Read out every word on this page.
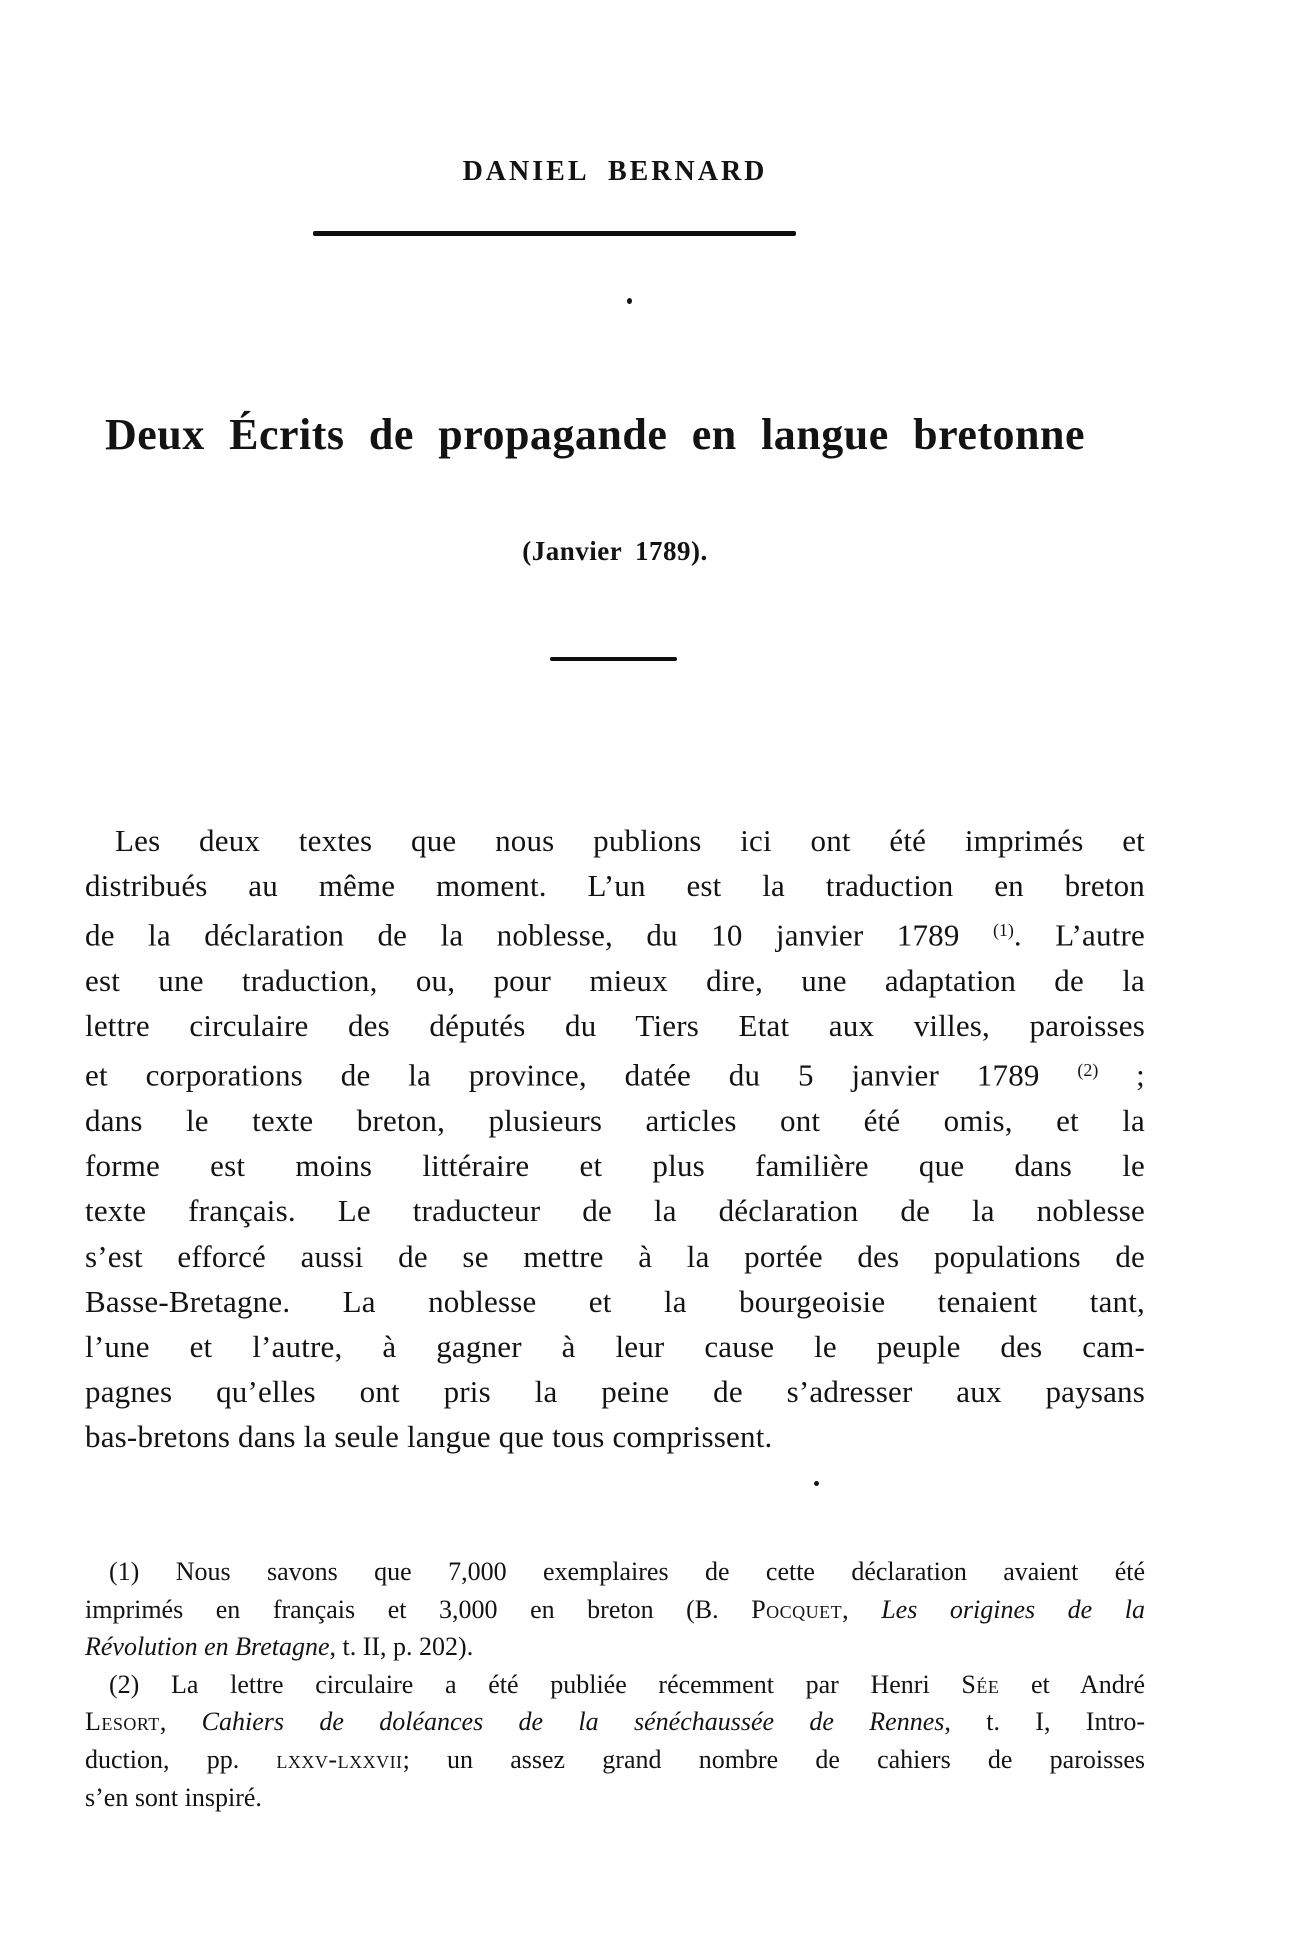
DANIEL BERNARD
Deux Écrits de propagande en langue bretonne
(Janvier 1789).
Les deux textes que nous publions ici ont été imprimés et
distribués au même moment. L’un est la traduction en breton
de la déclaration de la noblesse, du 10 janvier 1789 $^{(1)}$. L’autre
est une traduction, ou, pour mieux dire, une adaptation de la
lettre circulaire des députés du Tiers Etat aux villes, paroisses
et corporations de la province, datée du 5 janvier 1789 $^{(2)}$ ;
dans le texte breton, plusieurs articles ont été omis, et la
forme est moins littéraire et plus familière que dans le
texte français. Le traducteur de la déclaration de la noblesse
s’est efforcé aussi de se mettre à la portée des populations de
Basse-Bretagne. La noblesse et la bourgeoisie tenaient tant,
l’une et l’autre, à gagner à leur cause le peuple des cam-
pagnes qu’elles ont pris la peine de s’adresser aux paysans
bas-bretons dans la seule langue que tous comprissent.
(1) Nous savons que 7,000 exemplaires de cette déclaration avaient été
imprimés en français et 3,000 en breton (B. Pocquet, Les origines de la
Révolution en Bretagne, t. II, p. 202).
(2) La lettre circulaire a été publiée récemment par Henri Sée et André
Lesort, Cahiers de doléances de la sénéchaussée de Rennes, t. I, Intro-
duction, pp. lxxv-lxxvii; un assez grand nombre de cahiers de paroisses
s’en sont inspiré.
